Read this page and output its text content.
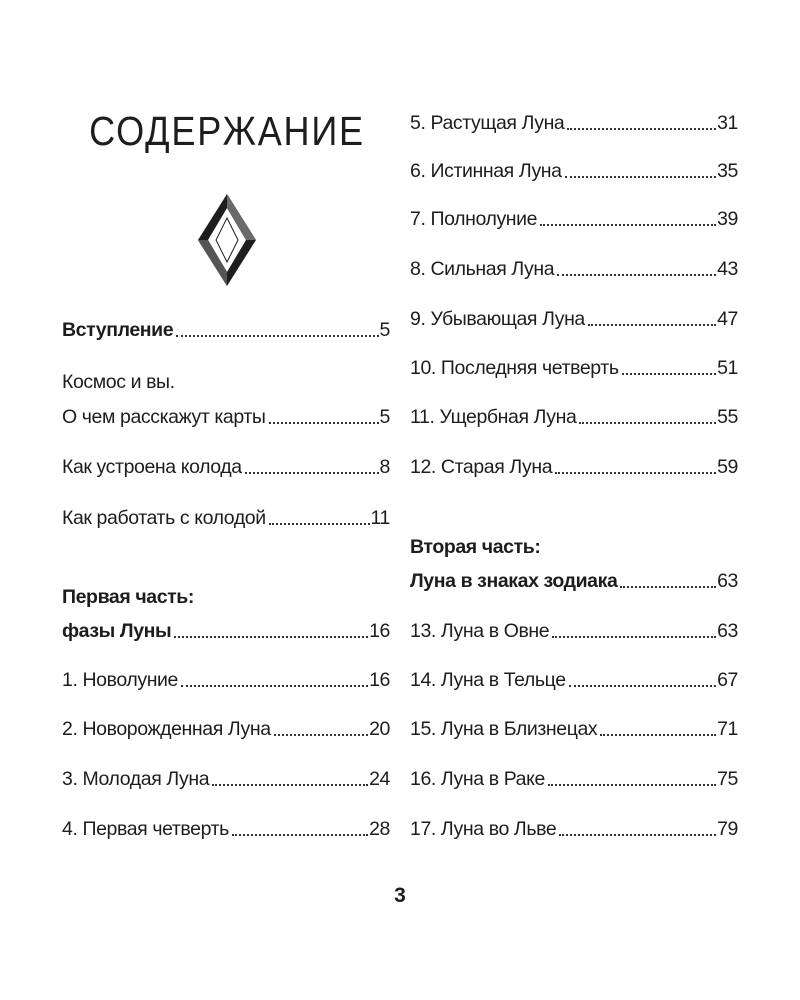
СОДЕРЖАНИЕ
Вступление	5
Космос и вы.
О чем расскажут карты	5
Как устроена колода	8
Как работать с колодой	11
Первая часть:
фазы Луны	16
1. Новолуние	16
2. Новорожденная Луна	20
3. Молодая Луна	24
4. Первая четверть	28
5. Растущая Луна	31
6. Истинная Луна	35
7. Полнолуние	39
8. Сильная Луна	43
9. Убывающая Луна	47
10. Последняя четверть	51
11. Ущербная Луна	55
12. Старая Луна	59
Вторая часть:
Луна в знаках зодиака	63
13. Луна в Овне	63
14. Луна в Тельце	67
15. Луна в Близнецах	71
16. Луна в Раке	75
17. Луна во Льве	79
3
